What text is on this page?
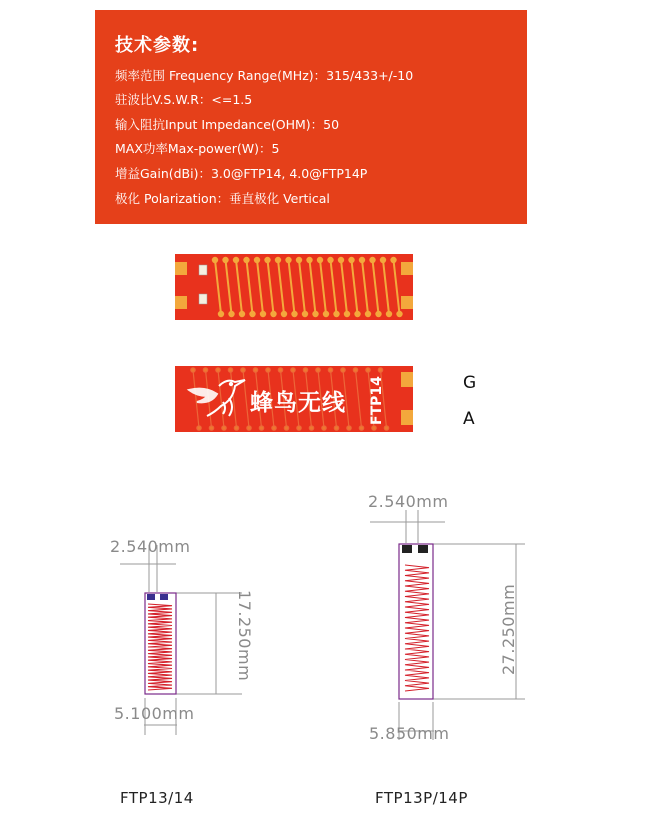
技术参数:
频率范围 Frequency Range(MHz)：315/433+/-10
驻波比V.S.W.R：<=1.5
输入阻抗Input Impedance(OHM)：50
MAX功率Max-power(W)：5
增益Gain(dBi)：3.0@FTP14, 4.0@FTP14P
极化 Polarization：垂直极化 Vertical
蜂鸟无线 FTP14	G
A
2.540mm
17.250mm
5.100mm
FTP13/14
2.540mm
27.250mm
5.850mm
FTP13P/14P
